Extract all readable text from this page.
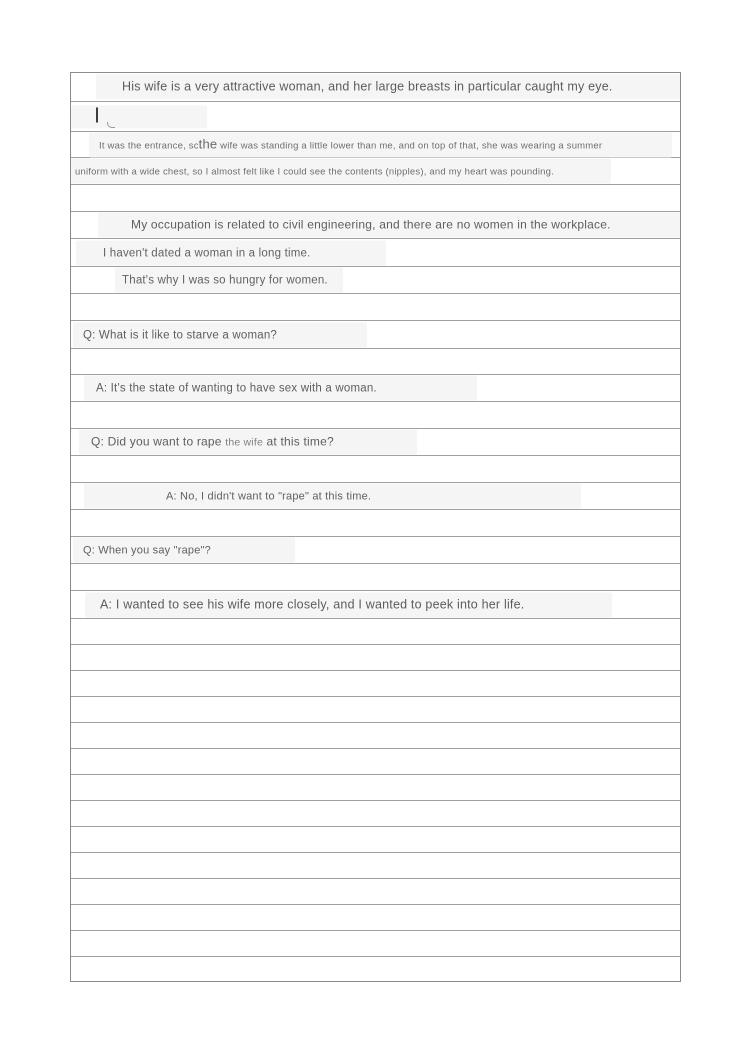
His wife is a very attractive woman, and her large breasts in particular caught my eye.
It was the entrance, scthe wife was standing a little lower than me, and on top of that, she was wearing a summer
uniform with a wide chest, so I almost felt like I could see the contents (nipples), and my heart was pounding.
My occupation is related to civil engineering, and there are no women in the workplace.
I haven't dated a woman in a long time.
That's why I was so hungry for women.
Q: What is it like to starve a woman?
A: It's the state of wanting to have sex with a woman.
Q: Did you want to rape the wife at this time?
A: No, I didn't want to "rape" at this time.
Q: When you say "rape"?
A: I wanted to see his wife more closely, and I wanted to peek into her life.
